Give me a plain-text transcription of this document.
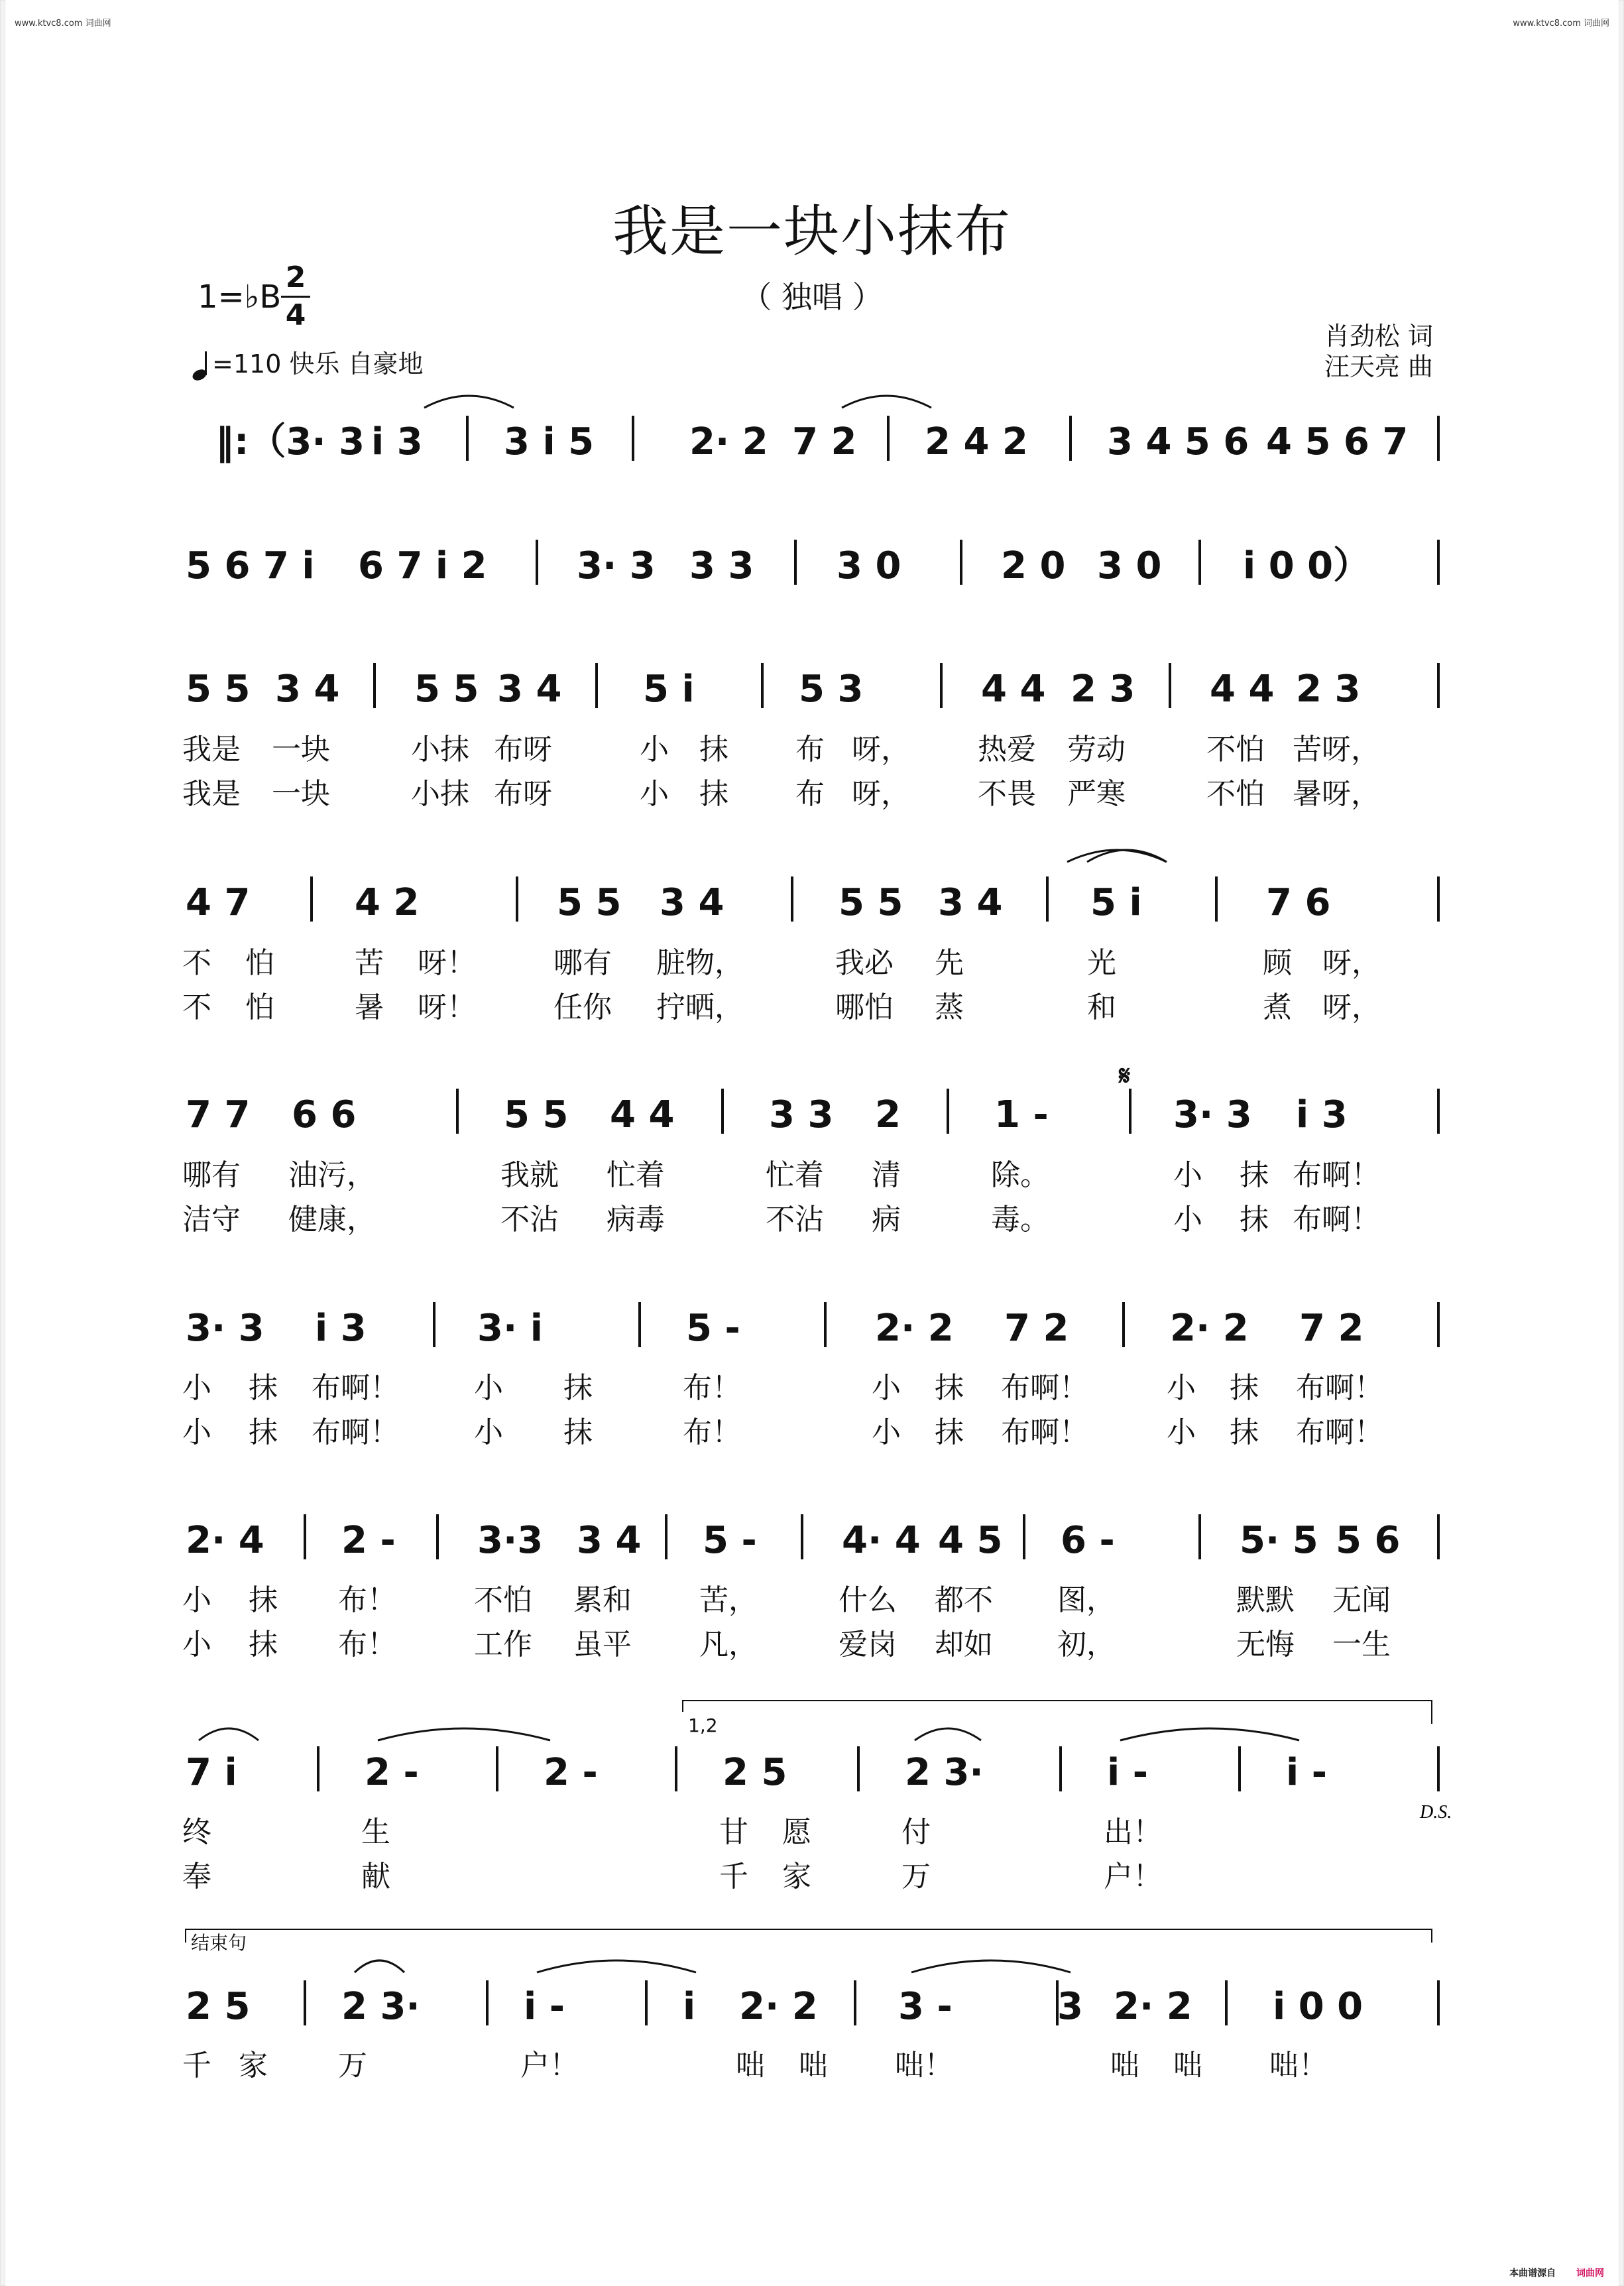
www.ktvc8.com 词曲网	www.ktvc8.com 词曲网
我是一块小抹布
（ 独唱 ）
1=♭B
2
4
=110 快乐 自豪地
肖劲松 词
汪天亮 曲
‖:（3· 3 i 3 3 i 5	2· 2 7 2 2 4 2 3 4 5 6 4 5 6 7
5 6 7 i 6 7 i 2 3· 3 3 3 3 0	2 0 3 0 i 0 0）
5 5 3 4 5 5 3 4 5 i	5 3	4 4 2 3 4 4 2 3
我是 一块	小抹 布呀	小 抹 布 呀， 热爱 劳动	不怕 苦呀，
我是 一块	小抹 布呀	小 抹 布 呀， 不畏 严寒	不怕 暑呀，
4 7	4 2	5 5 3 4	5 5 3 4 5 i	7 6
不 怕	苦 呀！	哪有 脏物，	我必 先	光	顾 呀，
不 怕	暑 呀！	任你 拧晒，	哪怕 蒸	和	煮 呀，
7 7 6 6	5 5 4 4	3 3 2	1 -	3· 3 i 3
𝄋
哪有 油污，	我就 忙着	忙着 清	除。	小 抹 布啊！
洁守 健康，	不沾 病毒	不沾 病	毒。	小 抹 布啊！
3· 3 i 3	3· i	5 -	2· 2 7 2	2· 2 7 2
小 抹 布啊！	小 抹	布！	小 抹 布啊！	小 抹 布啊！
小 抹 布啊！	小 抹	布！	小 抹 布啊！	小 抹 布啊！
2· 4 2 - 3·3 3 4 5 - 4· 4 4 5 6 -	5· 5 5 6
小 抹 布！	不怕 累和 苦，	什么 都不 图，	默默 无闻
小 抹 布！	工作 虽平 凡，	爱岗 却如 初，	无悔 一生
1,2
7 i	2 -	2 -	2 5	2 3·	i -	i -
D.S.
终	生	甘 愿	付	出！
奉	献	千 家	万	户！
结束句
2 5 2 3·	i -	i 2· 2 3 -	3 2· 2 i 0 0
千 家 万	户！	咄 咄 咄！	咄 咄 咄！
本曲谱源自 词曲网
